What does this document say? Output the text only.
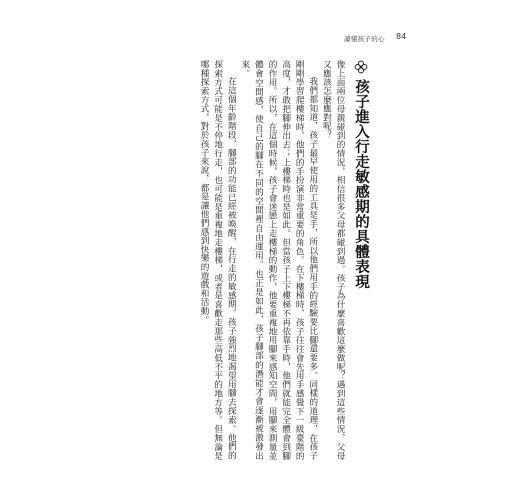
讀懂孩子的心 84
孩子進入行走敏感期的具體表現

像上面兩位母親碰到的情況，相信很多父母都碰到過。孩子為什麼喜歡這麼做呢？遇到這些情況，父母又應該怎麼應對呢？

我們都知道，孩子最早使用的工具是手，所以他們用手的經驗要比腳還要多。同樣的道理，在孩子剛剛學習爬樓梯時，他們的手扮演非常重要的角色。在下樓梯時，孩子往往會先用手感覺下一級臺階的高度，才敢把腳伸出去；上樓梯時也是如此。但當孩子上下樓梯不再依靠手時，他們就能完全體會到腳的作用。所以，在這個時候，孩子會迷戀上走樓梯的動作，他要重複地用腳來感知空間，用腳來測量並體會空間感，使自己的腳在不同的空間裡自由運用。也正是如此，孩子腳部的潛能才會逐漸被激發出來。

在這個年齡階段，腳部的功能已經被喚醒，在行走的敏感期，孩子強烈地渴望用腳去探索。他們的探索方式可能是不停地行走，也可能是重複地走樓梯，或者是喜歡走那些高低不平的地方等。但無論是哪種探索方式，對於孩子來說，都是讓他們感到快樂的遊戲和活動。
